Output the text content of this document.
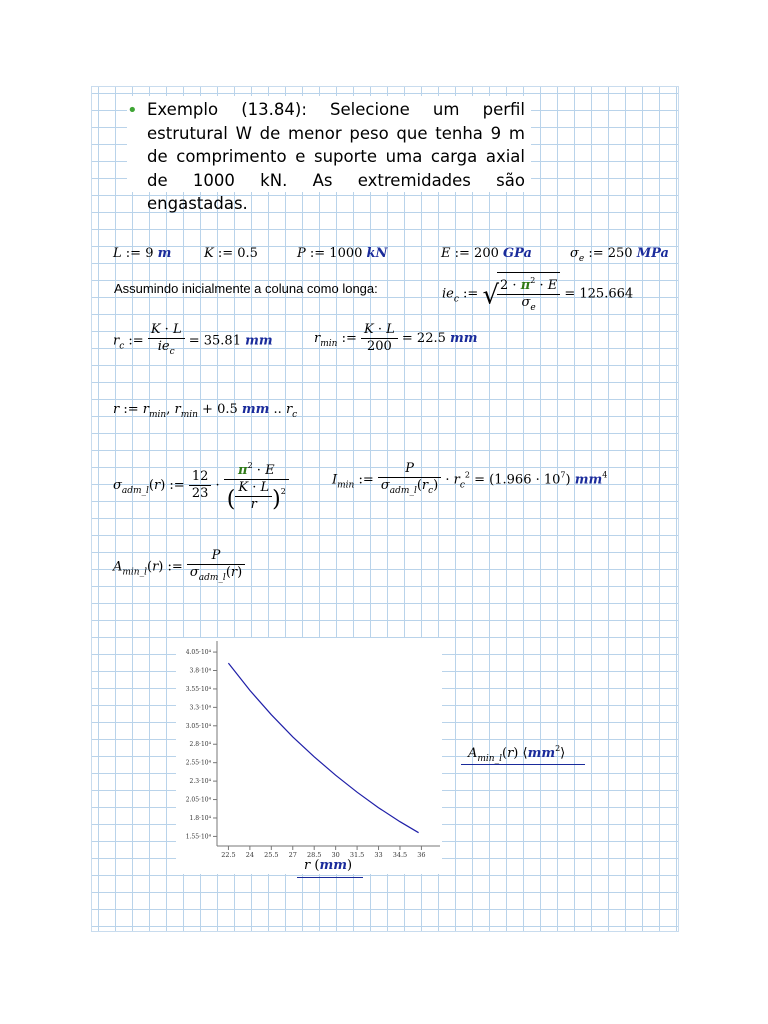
• Exemplo (13.84): Selecione um perfil estrutural W de menor peso que tenha 9 m de comprimento e suporte uma carga axial de 1000 kN. As extremidades são engastadas.
L := 9 m	K := 0.5	P := 1000 kN	E := 200 GPa	$\sigma_e$ := 250 MPa
Assumindo inicialmente a coluna como longa:	$ie_c$ := √
$\frac{2 \cdot \pi^2 \cdot E}{\sigma_e} = 125.664$
$r_c$ := $\frac{K \cdot L}{ie_c} = 35.81$ mm	$r_{min}$ := $\frac{K \cdot L}{200} = 22.5$ mm
r := $r_{min}$, $r_{min} + 0.5$ mm .. $r_c$
$\sigma_{adm\_l}(r)$ := $\frac{12}{23} \cdot \frac{\pi^2 \cdot E}{( \frac{K \cdot L}{r} )^2}$	$I_{min}$ := $\frac{P}{\sigma_{adm\_l}(r_c)} \cdot r_c^2 = (1.966 \cdot 10^7)$ $mm^4$
$A_{min\_l}(r)$ := $\frac{P}{\sigma_{adm\_l}(r)}$
22.5 24 25.5 27 28.5 30 31.5 33 34.5 36
1.55·10⁴
1.8·10⁴
2.05·10⁴
2.3·10⁴
2.55·10⁴
2.8·10⁴
3.05·10⁴
3.3·10⁴
3.55·10⁴
3.8·10⁴
4.05·10⁴
$A_{min\_l}(r)$ $⟨mm^2⟩$
r (mm)
